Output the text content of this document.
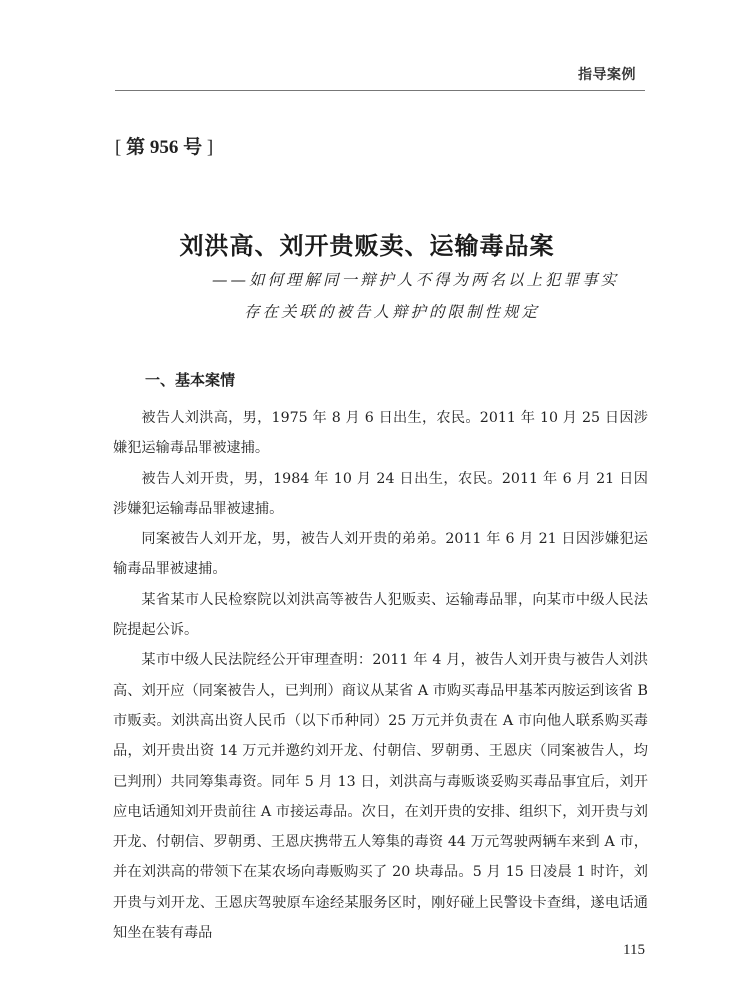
指导案例
[ 第 956 号 ]
刘洪高、刘开贵贩卖、运输毒品案
——如何理解同一辩护人不得为两名以上犯罪事实
存在关联的被告人辩护的限制性规定
一、基本案情

被告人刘洪高，男，1975 年 8 月 6 日出生，农民。2011 年 10 月 25 日因涉嫌犯运输毒品罪被逮捕。

被告人刘开贵，男，1984 年 10 月 24 日出生，农民。2011 年 6 月 21 日因涉嫌犯运输毒品罪被逮捕。

同案被告人刘开龙，男，被告人刘开贵的弟弟。2011 年 6 月 21 日因涉嫌犯运输毒品罪被逮捕。

某省某市人民检察院以刘洪高等被告人犯贩卖、运输毒品罪，向某市中级人民法院提起公诉。

某市中级人民法院经公开审理查明：2011 年 4 月，被告人刘开贵与被告人刘洪高、刘开应（同案被告人，已判刑）商议从某省 A 市购买毒品甲基苯丙胺运到该省 B 市贩卖。刘洪高出资人民币（以下币种同）25 万元并负责在 A 市向他人联系购买毒品，刘开贵出资 14 万元并邀约刘开龙、付朝信、罗朝勇、王恩庆（同案被告人，均已判刑）共同筹集毒资。同年 5 月 13 日，刘洪高与毒贩谈妥购买毒品事宜后，刘开应电话通知刘开贵前往 A 市接运毒品。次日，在刘开贵的安排、组织下，刘开贵与刘开龙、付朝信、罗朝勇、王恩庆携带五人筹集的毒资 44 万元驾驶两辆车来到 A 市，并在刘洪高的带领下在某农场向毒贩购买了 20 块毒品。5 月 15 日凌晨 1 时许，刘开贵与刘开龙、王恩庆驾驶原车途经某服务区时，刚好碰上民警设卡查缉，遂电话通知坐在装有毒品

115
